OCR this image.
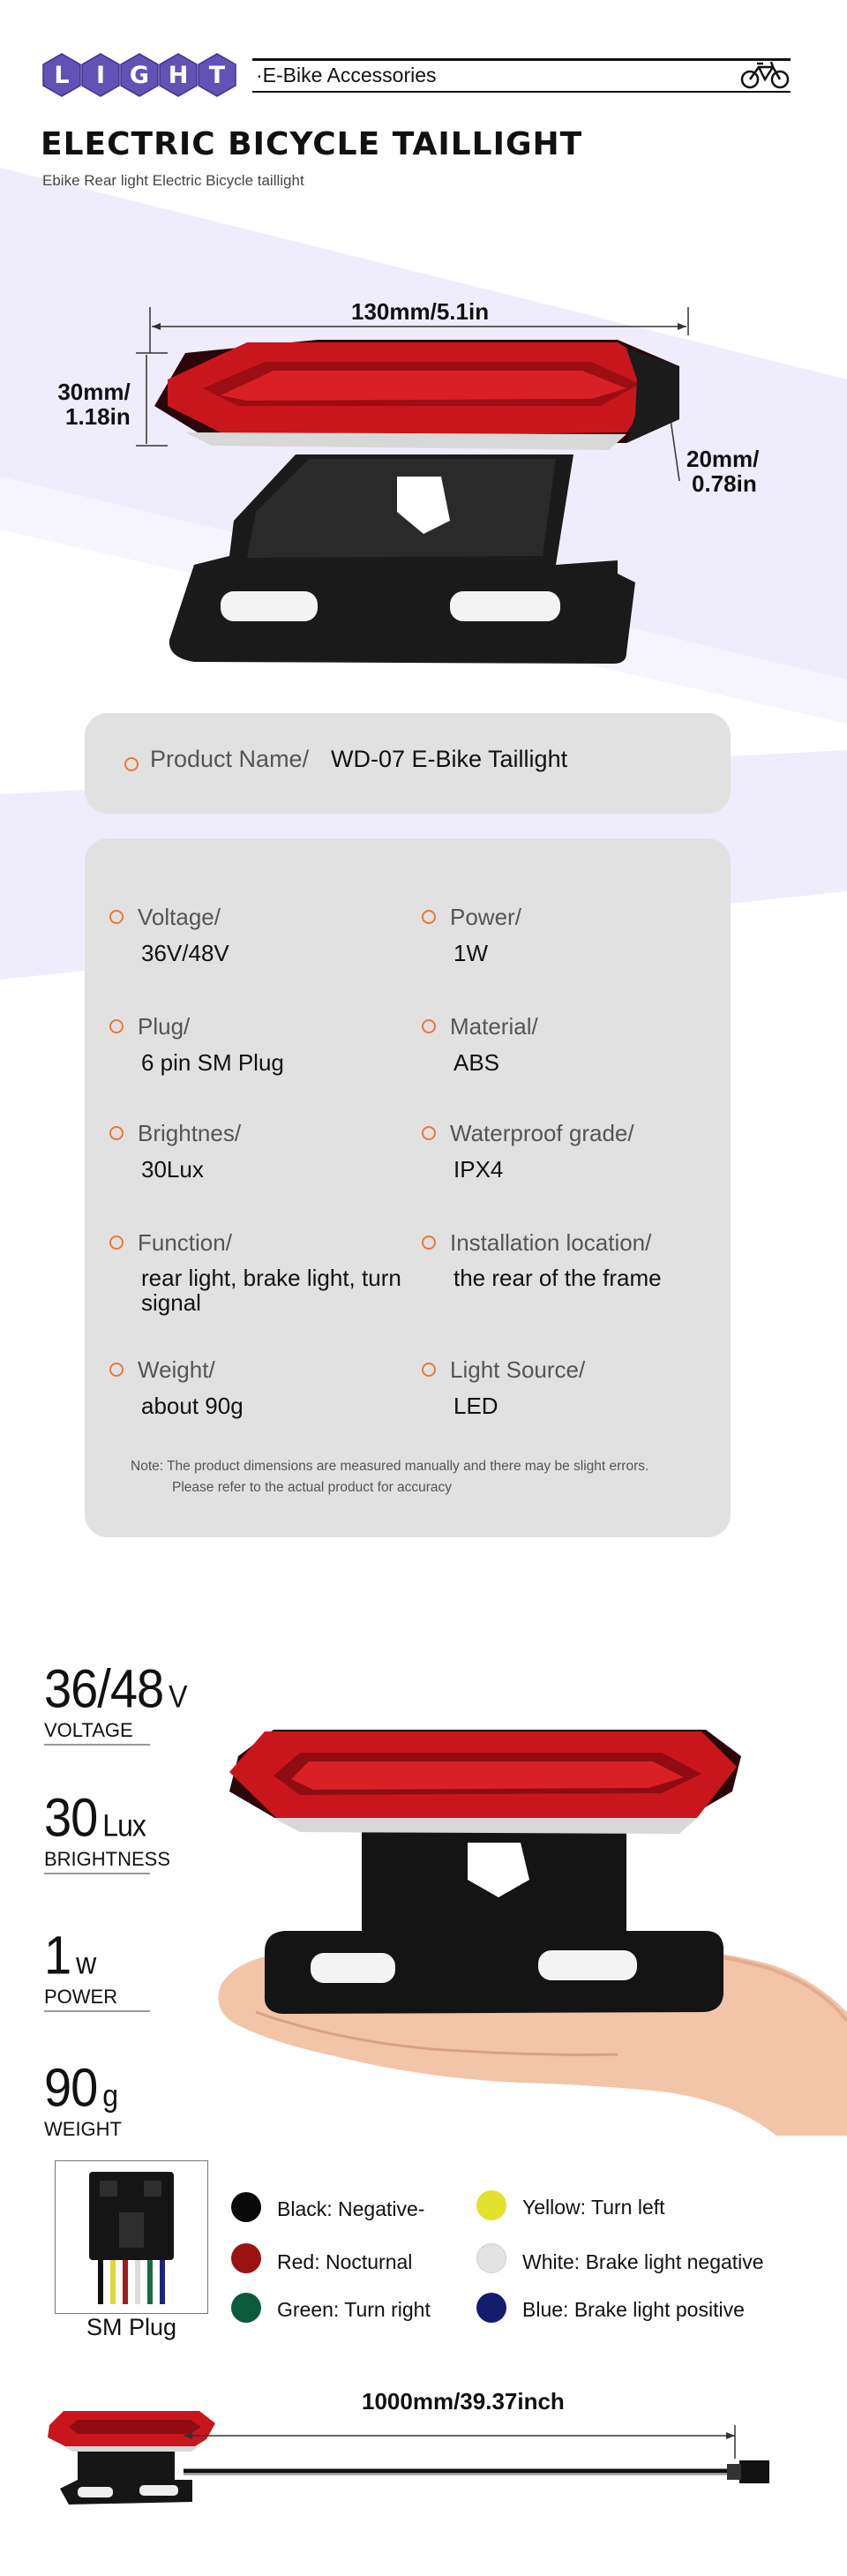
L	I	G H T	·E-Bike Accessories
ELECTRIC BICYCLE TAILLIGHT
Ebike Rear light Electric Bicycle taillight
130mm/5.1in
30mm/
1.18in
20mm/
0.78in
Product Name/ WD-07 E-Bike Taillight
Voltage/
36V/48V
Power/
1W
Plug/
6 pin SM Plug
Material/
ABS
Brightnes/
30Lux
Waterproof grade/
IPX4
Function/
rear light, brake light, turn signal
Installation location/
the rear of the frame
Weight/
about 90g
Light Source/
LED
Note: The product dimensions are measured manually and there may be slight errors.
Please refer to the actual product for accuracy
36/48 V
VOLTAGE
30 Lux
BRIGHTNESS
1 w
POWER
90 g
WEIGHT
SM Plug
Black: Negative-	Yellow: Turn left
Red: Nocturnal	White: Brake light negative
Green: Turn right	Blue: Brake light positive
1000mm/39.37inch
